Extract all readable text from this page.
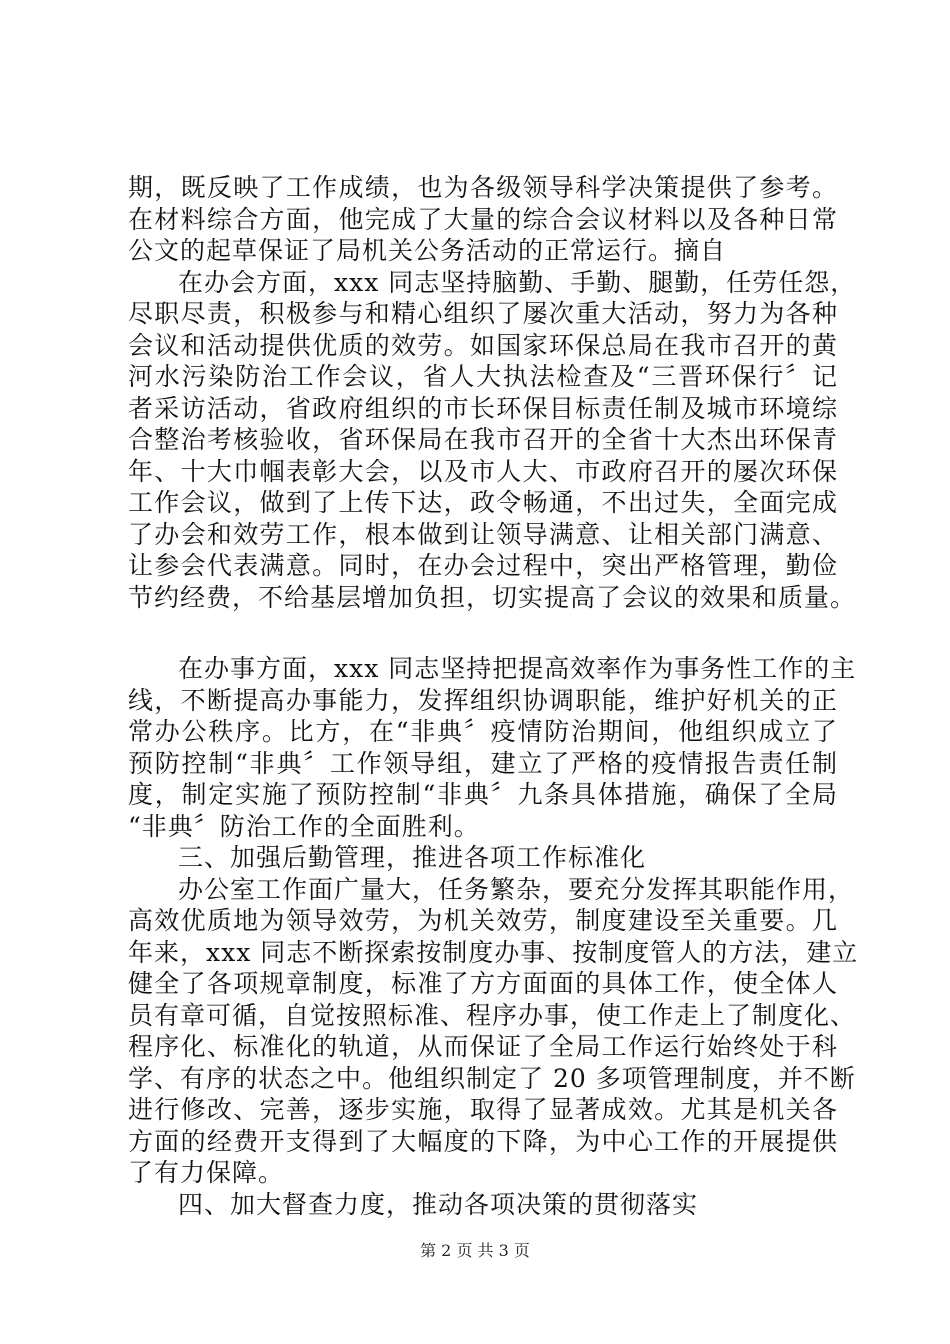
期，既反映了工作成绩，也为各级领导科学决策提供了参考。
在材料综合方面，他完成了大量的综合会议材料以及各种日常
公文的起草保证了局机关公务活动的正常运行。摘自
在办会方面，xxx 同志坚持脑勤、手勤、腿勤，任劳任怨，
尽职尽责，积极参与和精心组织了屡次重大活动，努力为各种
会议和活动提供优质的效劳。如国家环保总局在我市召开的黄
河水污染防治工作会议，省人大执法检查及“三晋环保行〞记
者采访活动，省政府组织的市长环保目标责任制及城市环境综
合整治考核验收，省环保局在我市召开的全省十大杰出环保青
年、十大巾帼表彰大会，以及市人大、市政府召开的屡次环保
工作会议，做到了上传下达，政令畅通，不出过失，全面完成
了办会和效劳工作，根本做到让领导满意、让相关部门满意、
让参会代表满意。同时，在办会过程中，突出严格管理，勤俭
节约经费，不给基层增加负担，切实提高了会议的效果和质量。
在办事方面，xxx 同志坚持把提高效率作为事务性工作的主
线，不断提高办事能力，发挥组织协调职能，维护好机关的正
常办公秩序。比方，在“非典〞疫情防治期间，他组织成立了
预防控制“非典〞工作领导组，建立了严格的疫情报告责任制
度，制定实施了预防控制“非典〞九条具体措施，确保了全局
“非典〞防治工作的全面胜利。
三、加强后勤管理，推进各项工作标准化
办公室工作面广量大，任务繁杂，要充分发挥其职能作用，
高效优质地为领导效劳，为机关效劳，制度建设至关重要。几
年来，xxx 同志不断探索按制度办事、按制度管人的方法，建立
健全了各项规章制度，标准了方方面面的具体工作，使全体人
员有章可循，自觉按照标准、程序办事，使工作走上了制度化、
程序化、标准化的轨道，从而保证了全局工作运行始终处于科
学、有序的状态之中。他组织制定了 20 多项管理制度，并不断
进行修改、完善，逐步实施，取得了显著成效。尤其是机关各
方面的经费开支得到了大幅度的下降，为中心工作的开展提供
了有力保障。
四、加大督查力度，推动各项决策的贯彻落实
第 2 页 共 3 页
